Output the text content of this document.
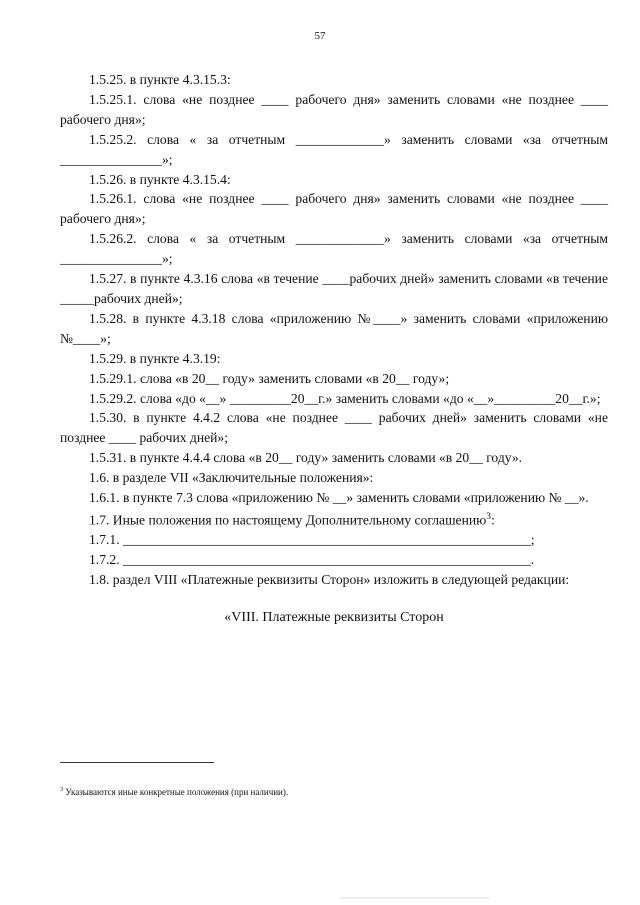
57

1.5.25. в пункте 4.3.15.3:

1.5.25.1. слова «не позднее ____ рабочего дня» заменить словами «не позднее ____ рабочего дня»;

1.5.25.2. слова « за отчетным _____________» заменить словами «за отчетным _______________»;

1.5.26. в пункте 4.3.15.4:

1.5.26.1. слова «не позднее ____ рабочего дня» заменить словами «не позднее ____ рабочего дня»;

1.5.26.2. слова « за отчетным _____________» заменить словами «за отчетным _______________»;

1.5.27. в пункте 4.3.16 слова «в течение ____рабочих дней» заменить словами «в течение _____рабочих дней»;

1.5.28. в пункте 4.3.18 слова «приложению №____» заменить словами «приложению №____»;

1.5.29. в пункте 4.3.19:

1.5.29.1. слова «в 20__ году» заменить словами «в 20__ году»;

1.5.29.2. слова «до «__» _________20__г.» заменить словами «до «__»_________20__г.»;

1.5.30. в пункте 4.4.2 слова «не позднее ____ рабочих дней» заменить словами «не позднее ____ рабочих дней»;

1.5.31. в пункте 4.4.4 слова «в 20__ году» заменить словами «в 20__ году».

1.6. в разделе VII «Заключительные положения»:

1.6.1. в пункте 7.3 слова «приложению № __» заменить словами «приложению № __».

1.7. Иные положения по настоящему Дополнительному соглашению$^3$:

1.7.1. ____________________________________________________________;

1.7.2. ____________________________________________________________.

1.8. раздел VIII «Платежные реквизиты Сторон» изложить в следующей редакции:

«VIII. Платежные реквизиты Сторон
$^3$ Указываются иные конкретные положения (при наличии).
